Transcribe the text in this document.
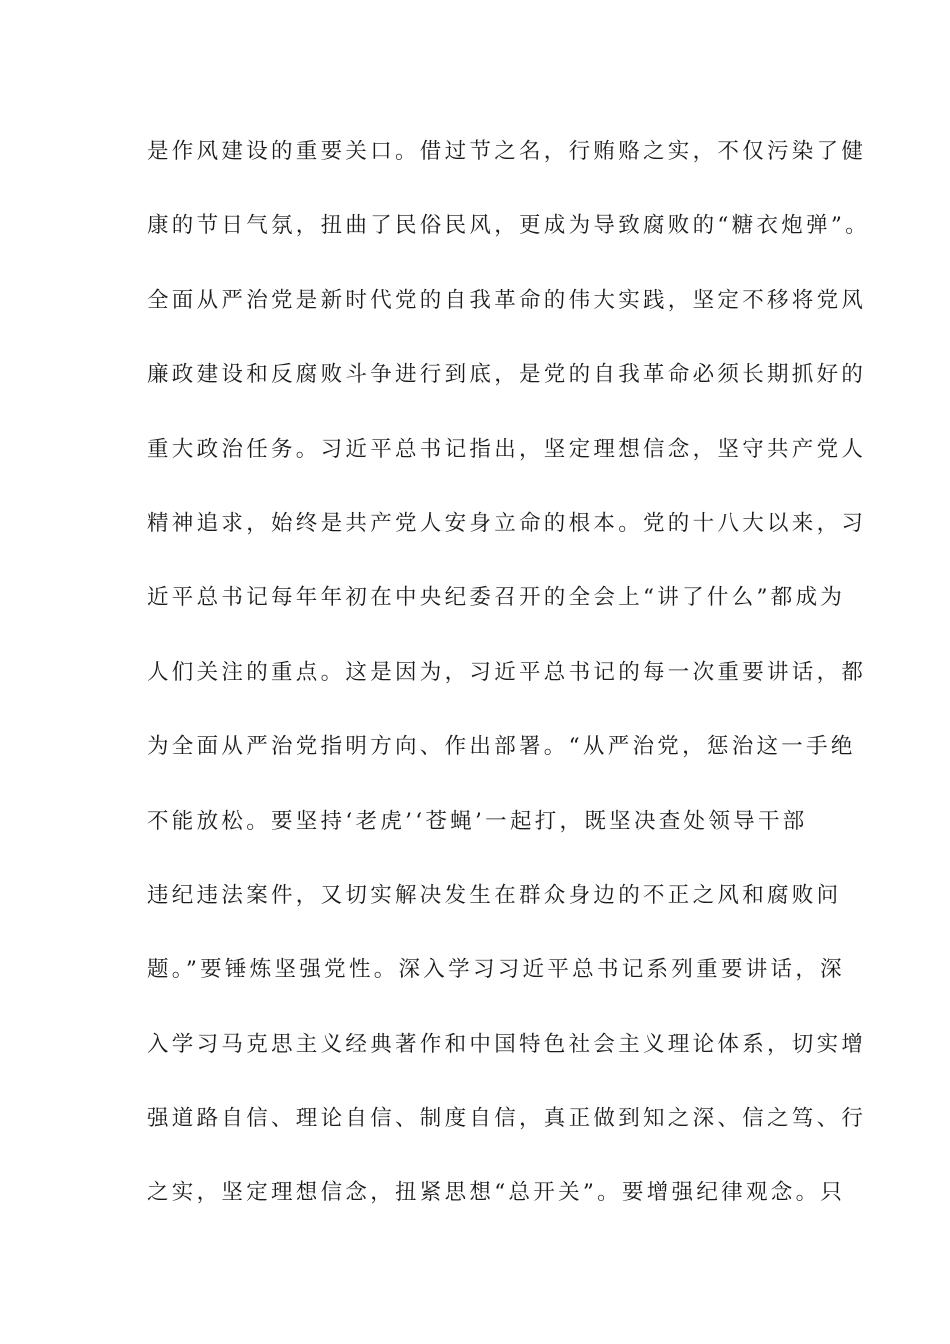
是作风建设的重要关口。借过节之名，行贿赂之实，不仅污染了健
康的节日气氛，扭曲了民俗民风，更成为导致腐败的“糖衣炮弹”。
全面从严治党是新时代党的自我革命的伟大实践，坚定不移将党风
廉政建设和反腐败斗争进行到底，是党的自我革命必须长期抓好的
重大政治任务。习近平总书记指出，坚定理想信念，坚守共产党人
精神追求，始终是共产党人安身立命的根本。党的十八大以来，习
近平总书记每年年初在中央纪委召开的全会上“讲了什么”都成为
人们关注的重点。这是因为，习近平总书记的每一次重要讲话，都
为全面从严治党指明方向、作出部署。“从严治党，惩治这一手绝
不能放松。要坚持‘老虎’‘苍蝇’一起打，既坚决查处领导干部
违纪违法案件，又切实解决发生在群众身边的不正之风和腐败问
题。”要锤炼坚强党性。深入学习习近平总书记系列重要讲话，深
入学习马克思主义经典著作和中国特色社会主义理论体系，切实增
强道路自信、理论自信、制度自信，真正做到知之深、信之笃、行
之实，坚定理想信念，扭紧思想“总开关”。要增强纪律观念。只
